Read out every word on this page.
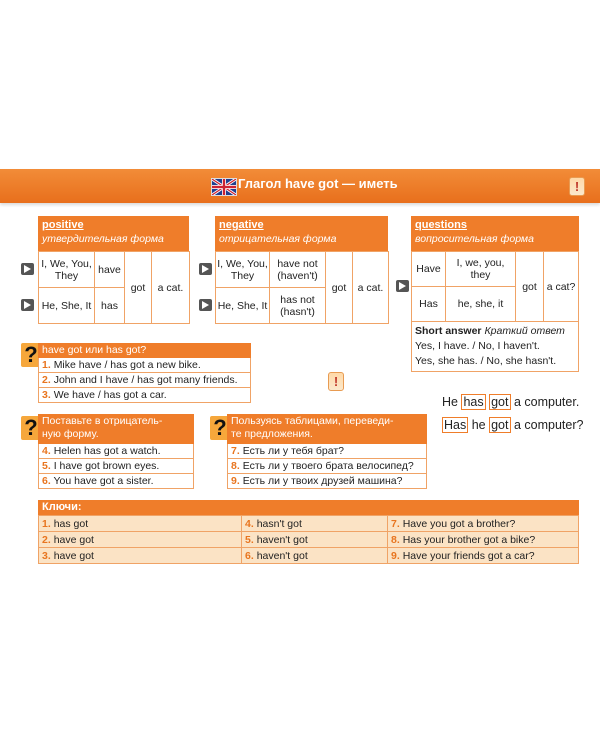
Глагол have got — иметь	!
positive
утвердительная форма
I, We, You, They	have	got	a cat.
He, She, It	has		
negative
отрицательная форма
I, We, You, They	have not (haven't)	got	a cat.
He, She, It	has not (hasn't)		
questions
вопросительная форма
Have	I, we, you, they	got	a cat?
Has	he, she, it		
Short answer Краткий ответ
Yes, I have. / No, I haven't.
Yes, she has. / No, she hasn't.
? have got или has got?
1. Mike have / has got a new bike.
2. John and I have / has got many friends.
3. We have / has got a car.
!
He has got a computer.
Has he got a computer?
? Поставьте в отрицатель-
ную форму.
4. Helen has got a watch.
5. I have got brown eyes.
6. You have got a sister.
? Пользуясь таблицами, переведи-
те предложения.
7. Есть ли у тебя брат?
8. Есть ли у твоего брата велосипед?
9. Есть ли у твоих друзей машина?
Ключи:
1. has got	4. hasn't got	7. Have you got a brother?
2. have got	5. haven't got	8. Has your brother got a bike?
3. have got	6. haven't got	9. Have your friends got a car?
